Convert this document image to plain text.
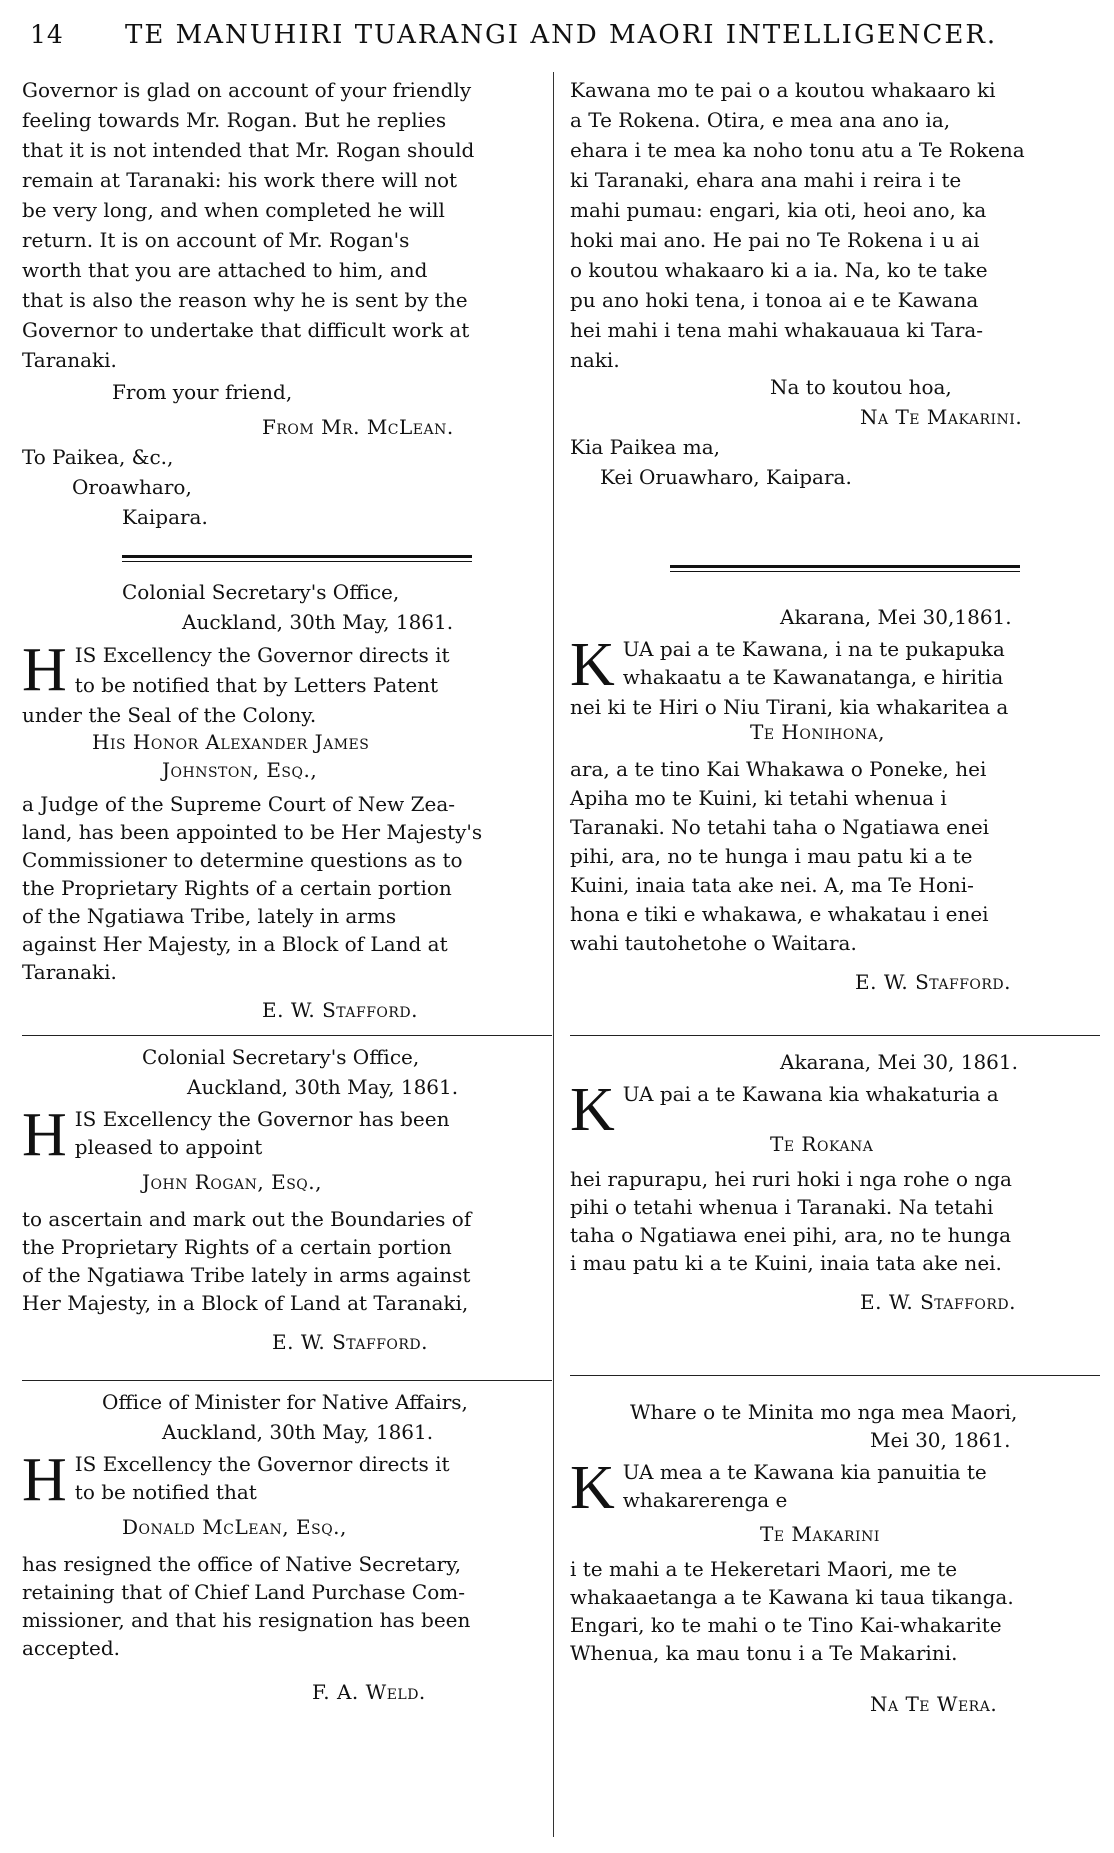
14 TE MANUHIRI TUARANGI AND MAORI INTELLIGENCER.
Governor is glad on account of your friendly
feeling towards Mr. Rogan. But he replies
that it is not intended that Mr. Rogan should
remain at Taranaki: his work there will not
be very long, and when completed he will
return. It is on account of Mr. Rogan's
worth that you are attached to him, and
that is also the reason why he is sent by the
Governor to undertake that difficult work at
Taranaki.
From your friend,
From Mr. McLean.
To Paikea, &c.,
Oroawharo,
Kaipara.
Colonial Secretary's Office,
Auckland, 30th May, 1861.
H IS Excellency the Governor directs it
to be notified that by Letters Patent
under the Seal of the Colony.
His Honor Alexander James
Johnston, Esq.,
a Judge of the Supreme Court of New Zea-
land, has been appointed to be Her Majesty's
Commissioner to determine questions as to
the Proprietary Rights of a certain portion
of the Ngatiawa Tribe, lately in arms
against Her Majesty, in a Block of Land at
Taranaki.
E. W. Stafford.
Colonial Secretary's Office,
Auckland, 30th May, 1861.
H IS Excellency the Governor has been
pleased to appoint
John Rogan, Esq.,
to ascertain and mark out the Boundaries of
the Proprietary Rights of a certain portion
of the Ngatiawa Tribe lately in arms against
Her Majesty, in a Block of Land at Taranaki,
E. W. Stafford.
Office of Minister for Native Affairs,
Auckland, 30th May, 1861.
H IS Excellency the Governor directs it
to be notified that
Donald McLean, Esq.,
has resigned the office of Native Secretary,
retaining that of Chief Land Purchase Com-
missioner, and that his resignation has been
accepted.
F. A. Weld.
Kawana mo te pai o a koutou whakaaro ki
a Te Rokena. Otira, e mea ana ano ia,
ehara i te mea ka noho tonu atu a Te Rokena
ki Taranaki, ehara ana mahi i reira i te
mahi pumau: engari, kia oti, heoi ano, ka
hoki mai ano. He pai no Te Rokena i u ai
o koutou whakaaro ki a ia. Na, ko te take
pu ano hoki tena, i tonoa ai e te Kawana
hei mahi i tena mahi whakauaua ki Tara-
naki.
Na to koutou hoa,
Na Te Makarini.
Kia Paikea ma,
Kei Oruawharo, Kaipara.
Akarana, Mei 30,1861.
K UA pai a te Kawana, i na te pukapuka
whakaatu a te Kawanatanga, e hiritia
nei ki te Hiri o Niu Tirani, kia whakaritea a
Te Honihona,
ara, a te tino Kai Whakawa o Poneke, hei
Apiha mo te Kuini, ki tetahi whenua i
Taranaki. No tetahi taha o Ngatiawa enei
pihi, ara, no te hunga i mau patu ki a te
Kuini, inaia tata ake nei. A, ma Te Honi-
hona e tiki e whakawa, e whakatau i enei
wahi tautohetohe o Waitara.
E. W. Stafford.
Akarana, Mei 30, 1861.
K UA pai a te Kawana kia whakaturia a
Te Rokana
hei rapurapu, hei ruri hoki i nga rohe o nga
pihi o tetahi whenua i Taranaki. Na tetahi
taha o Ngatiawa enei pihi, ara, no te hunga
i mau patu ki a te Kuini, inaia tata ake nei.
E. W. Stafford.
Whare o te Minita mo nga mea Maori,
Mei 30, 1861.
K UA mea a te Kawana kia panuitia te
whakarerenga e
Te Makarini
i te mahi a te Hekeretari Maori, me te
whakaaetanga a te Kawana ki taua tikanga.
Engari, ko te mahi o te Tino Kai-whakarite
Whenua, ka mau tonu i a Te Makarini.
Na Te Wera.
